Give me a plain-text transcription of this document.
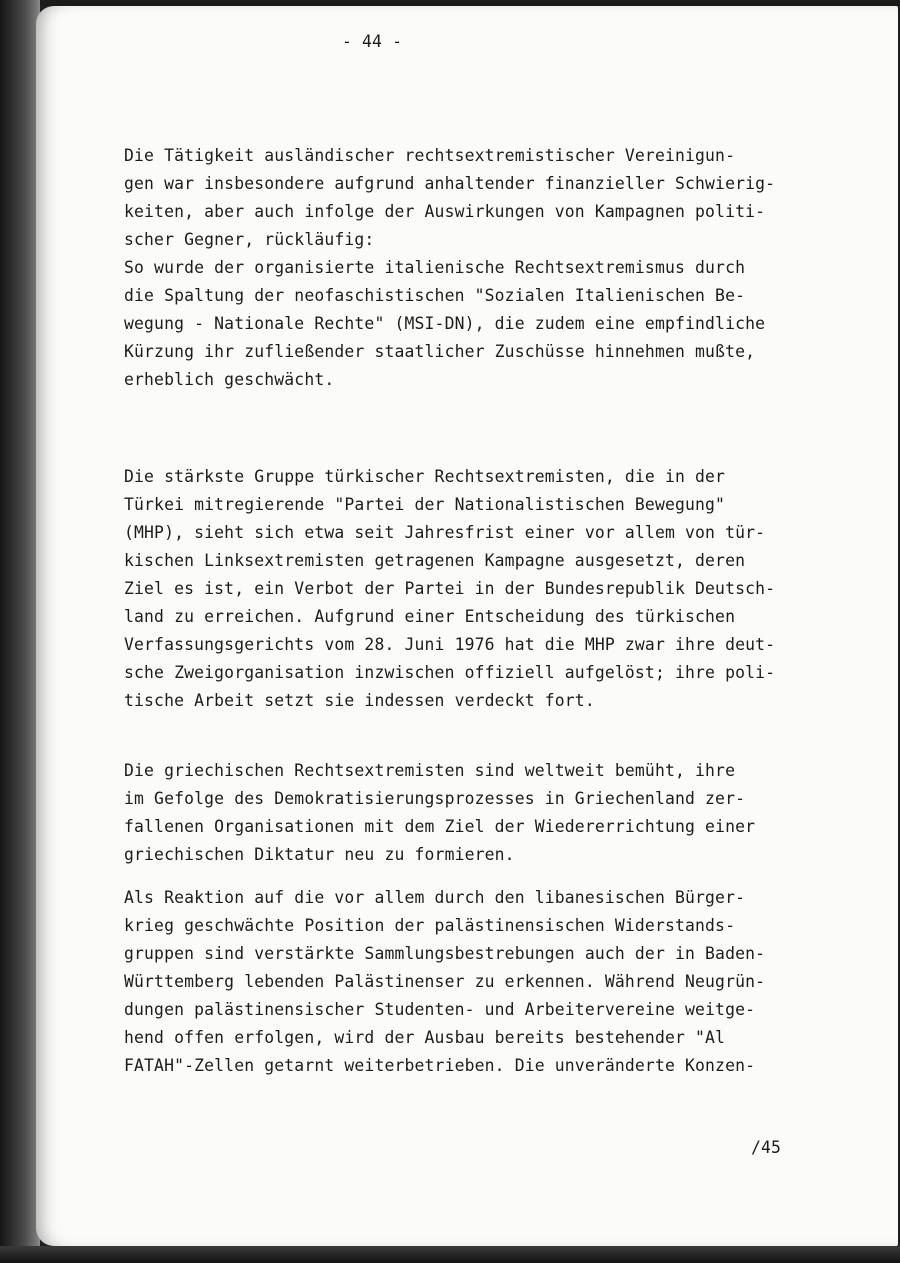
- 44 -
Die Tätigkeit ausländischer rechtsextremistischer Vereinigun-
gen war insbesondere aufgrund anhaltender finanzieller Schwierig-
keiten, aber auch infolge der Auswirkungen von Kampagnen politi-
scher Gegner, rückläufig:
So wurde der organisierte italienische Rechtsextremismus durch
die Spaltung der neofaschistischen "Sozialen Italienischen Be-
wegung - Nationale Rechte" (MSI-DN), die zudem eine empfindliche
Kürzung ihr zufließender staatlicher Zuschüsse hinnehmen mußte,
erheblich geschwächt.
Die stärkste Gruppe türkischer Rechtsextremisten, die in der
Türkei mitregierende "Partei der Nationalistischen Bewegung"
(MHP), sieht sich etwa seit Jahresfrist einer vor allem von tür-
kischen Linksextremisten getragenen Kampagne ausgesetzt, deren
Ziel es ist, ein Verbot der Partei in der Bundesrepublik Deutsch-
land zu erreichen. Aufgrund einer Entscheidung des türkischen
Verfassungsgerichts vom 28. Juni 1976 hat die MHP zwar ihre deut-
sche Zweigorganisation inzwischen offiziell aufgelöst; ihre poli-
tische Arbeit setzt sie indessen verdeckt fort.
Die griechischen Rechtsextremisten sind weltweit bemüht, ihre
im Gefolge des Demokratisierungsprozesses in Griechenland zer-
fallenen Organisationen mit dem Ziel der Wiedererrichtung einer
griechischen Diktatur neu zu formieren.
Als Reaktion auf die vor allem durch den libanesischen Bürger-
krieg geschwächte Position der palästinensischen Widerstands-
gruppen sind verstärkte Sammlungsbestrebungen auch der in Baden-
Württemberg lebenden Palästinenser zu erkennen. Während Neugrün-
dungen palästinensischer Studenten- und Arbeitervereine weitge-
hend offen erfolgen, wird der Ausbau bereits bestehender "Al
FATAH"-Zellen getarnt weiterbetrieben. Die unveränderte Konzen-
/45
